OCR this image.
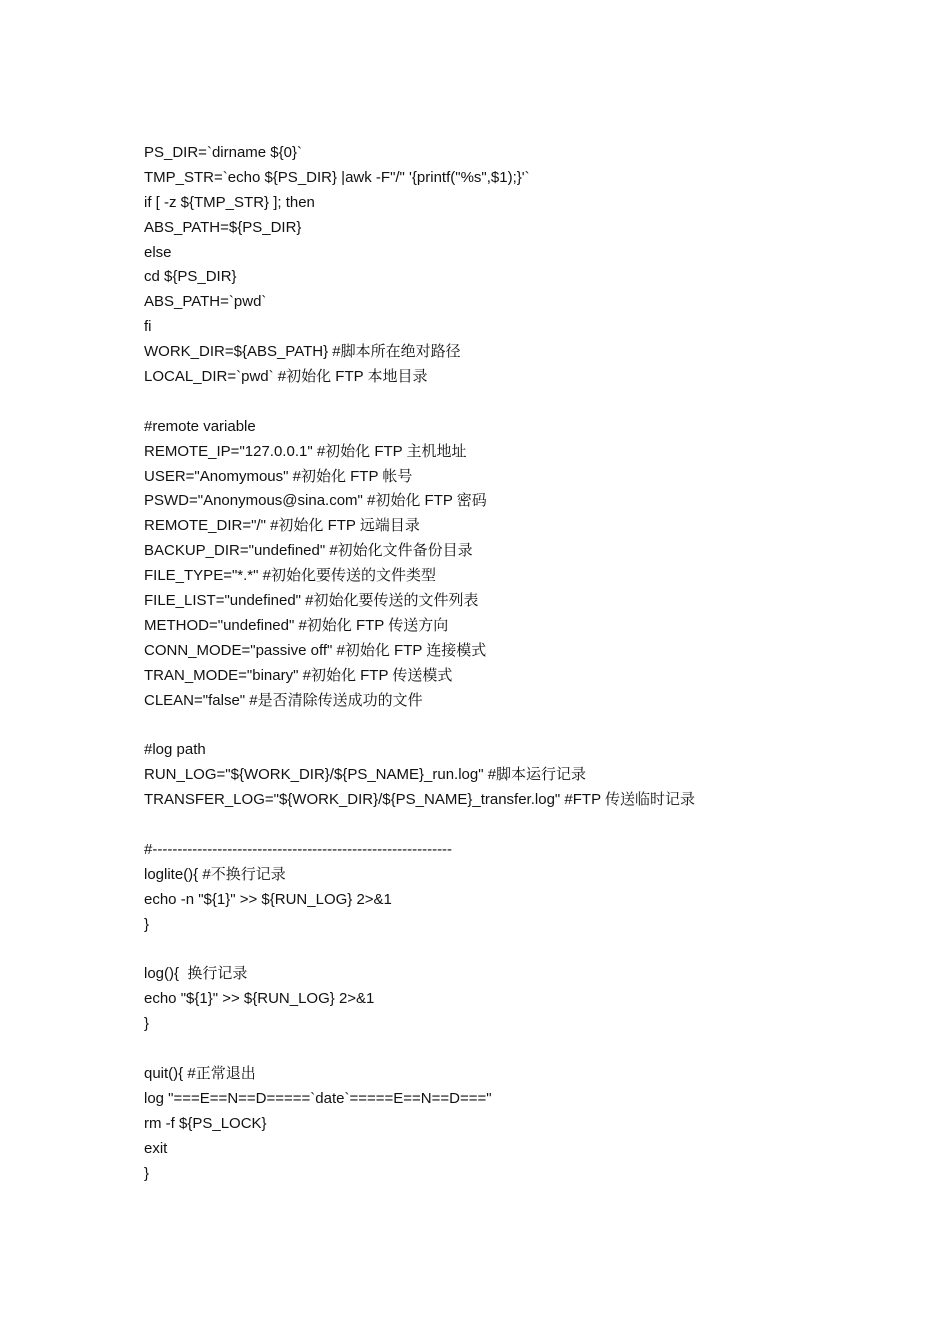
PS_DIR=`dirname ${0}`
TMP_STR=`echo ${PS_DIR} |awk -F"/" '{printf("%s",$1);}'`
if [ -z ${TMP_STR} ]; then
ABS_PATH=${PS_DIR}
else
cd ${PS_DIR}
ABS_PATH=`pwd`
fi
WORK_DIR=${ABS_PATH} #脚本所在绝对路径
LOCAL_DIR=`pwd` #初始化 FTP 本地目录
#remote variable
REMOTE_IP="127.0.0.1" #初始化 FTP 主机地址
USER="Anomymous" #初始化 FTP 帐号
PSWD="Anonymous@sina.com" #初始化 FTP 密码
REMOTE_DIR="/" #初始化 FTP 远端目录
BACKUP_DIR="undefined" #初始化文件备份目录
FILE_TYPE="*.*" #初始化要传送的文件类型
FILE_LIST="undefined" #初始化要传送的文件列表
METHOD="undefined" #初始化 FTP 传送方向
CONN_MODE="passive off" #初始化 FTP 连接模式
TRAN_MODE="binary" #初始化 FTP 传送模式
CLEAN="false" #是否清除传送成功的文件
#log path
RUN_LOG="${WORK_DIR}/${PS_NAME}_run.log" #脚本运行记录
TRANSFER_LOG="${WORK_DIR}/${PS_NAME}_transfer.log" #FTP 传送临时记录
#------------------------------------------------------------
loglite(){ #不换行记录
echo -n "${1}" >> ${RUN_LOG} 2>&1
}
log(){  换行记录
echo "${1}" >> ${RUN_LOG} 2>&1
}
quit(){ #正常退出
log "===E==N==D=====`date`=====E==N==D==="
rm -f ${PS_LOCK}
exit
}
